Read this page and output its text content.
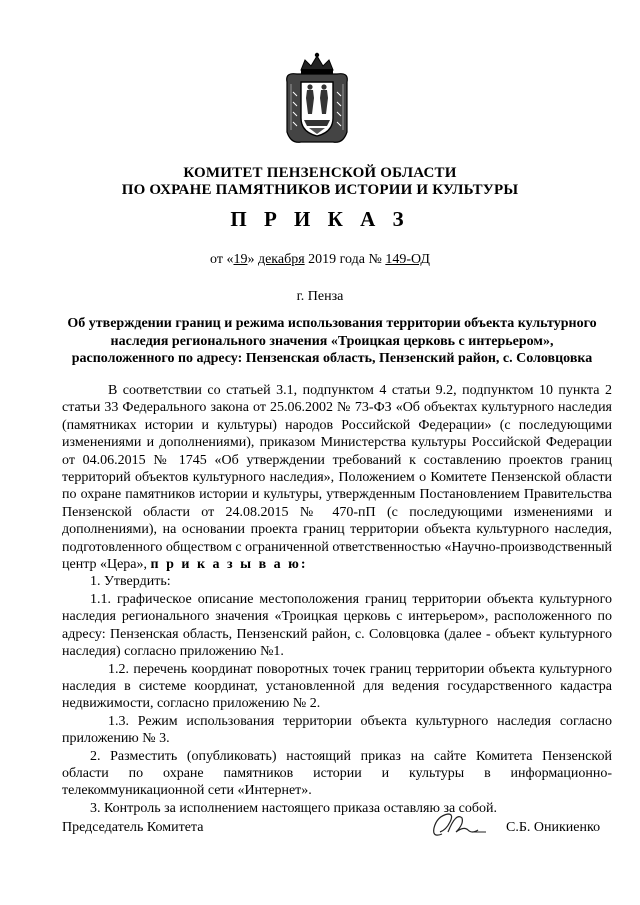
КОМИТЕТ ПЕНЗЕНСКОЙ ОБЛАСТИ
ПО ОХРАНЕ ПАМЯТНИКОВ ИСТОРИИ И КУЛЬТУРЫ
П Р И К А З
от «19» декабря 2019 года № 149-ОД
г. Пенза
Об утверждении границ и режима использования территории объекта культурного наследия регионального значения «Троицкая церковь с интерьером», расположенного по адресу: Пензенская область, Пензенский район, с. Соловцовка

В соответствии со статьей 3.1, подпунктом 4 статьи 9.2, подпунктом 10 пункта 2 статьи 33 Федерального закона от 25.06.2002 № 73-ФЗ «Об объектах культурного наследия (памятниках истории и культуры) народов Российской Федерации» (с последующими изменениями и дополнениями), приказом Министерства культуры Российской Федерации от 04.06.2015 № 1745 «Об утверждении требований к составлению проектов границ территорий объектов культурного наследия», Положением о Комитете Пензенской области по охране памятников истории и культуры, утвержденным Постановлением Правительства Пензенской области от 24.08.2015 № 470-пП (с последующими изменениями и дополнениями), на основании проекта границ территории объекта культурного наследия, подготовленного обществом с ограниченной ответственностью «Научно-производственный центр «Цера», п р и к а з ы в а ю:

1. Утвердить:

1.1. графическое описание местоположения границ территории объекта культурного наследия регионального значения «Троицкая церковь с интерьером», расположенного по адресу: Пензенская область, Пензенский район, с. Соловцовка (далее - объект культурного наследия) согласно приложению №1.

1.2. перечень координат поворотных точек границ территории объекта культурного наследия в системе координат, установленной для ведения государственного кадастра недвижимости, согласно приложению № 2.

1.3. Режим использования территории объекта культурного наследия согласно приложению № 3.

2. Разместить (опубликовать) настоящий приказ на сайте Комитета Пензенской области по охране памятников истории и культуры в информационно-телекоммуникационной сети «Интернет».

3. Контроль за исполнением настоящего приказа оставляю за собой.

Председатель Комитета	С.Б. Оникиенко
